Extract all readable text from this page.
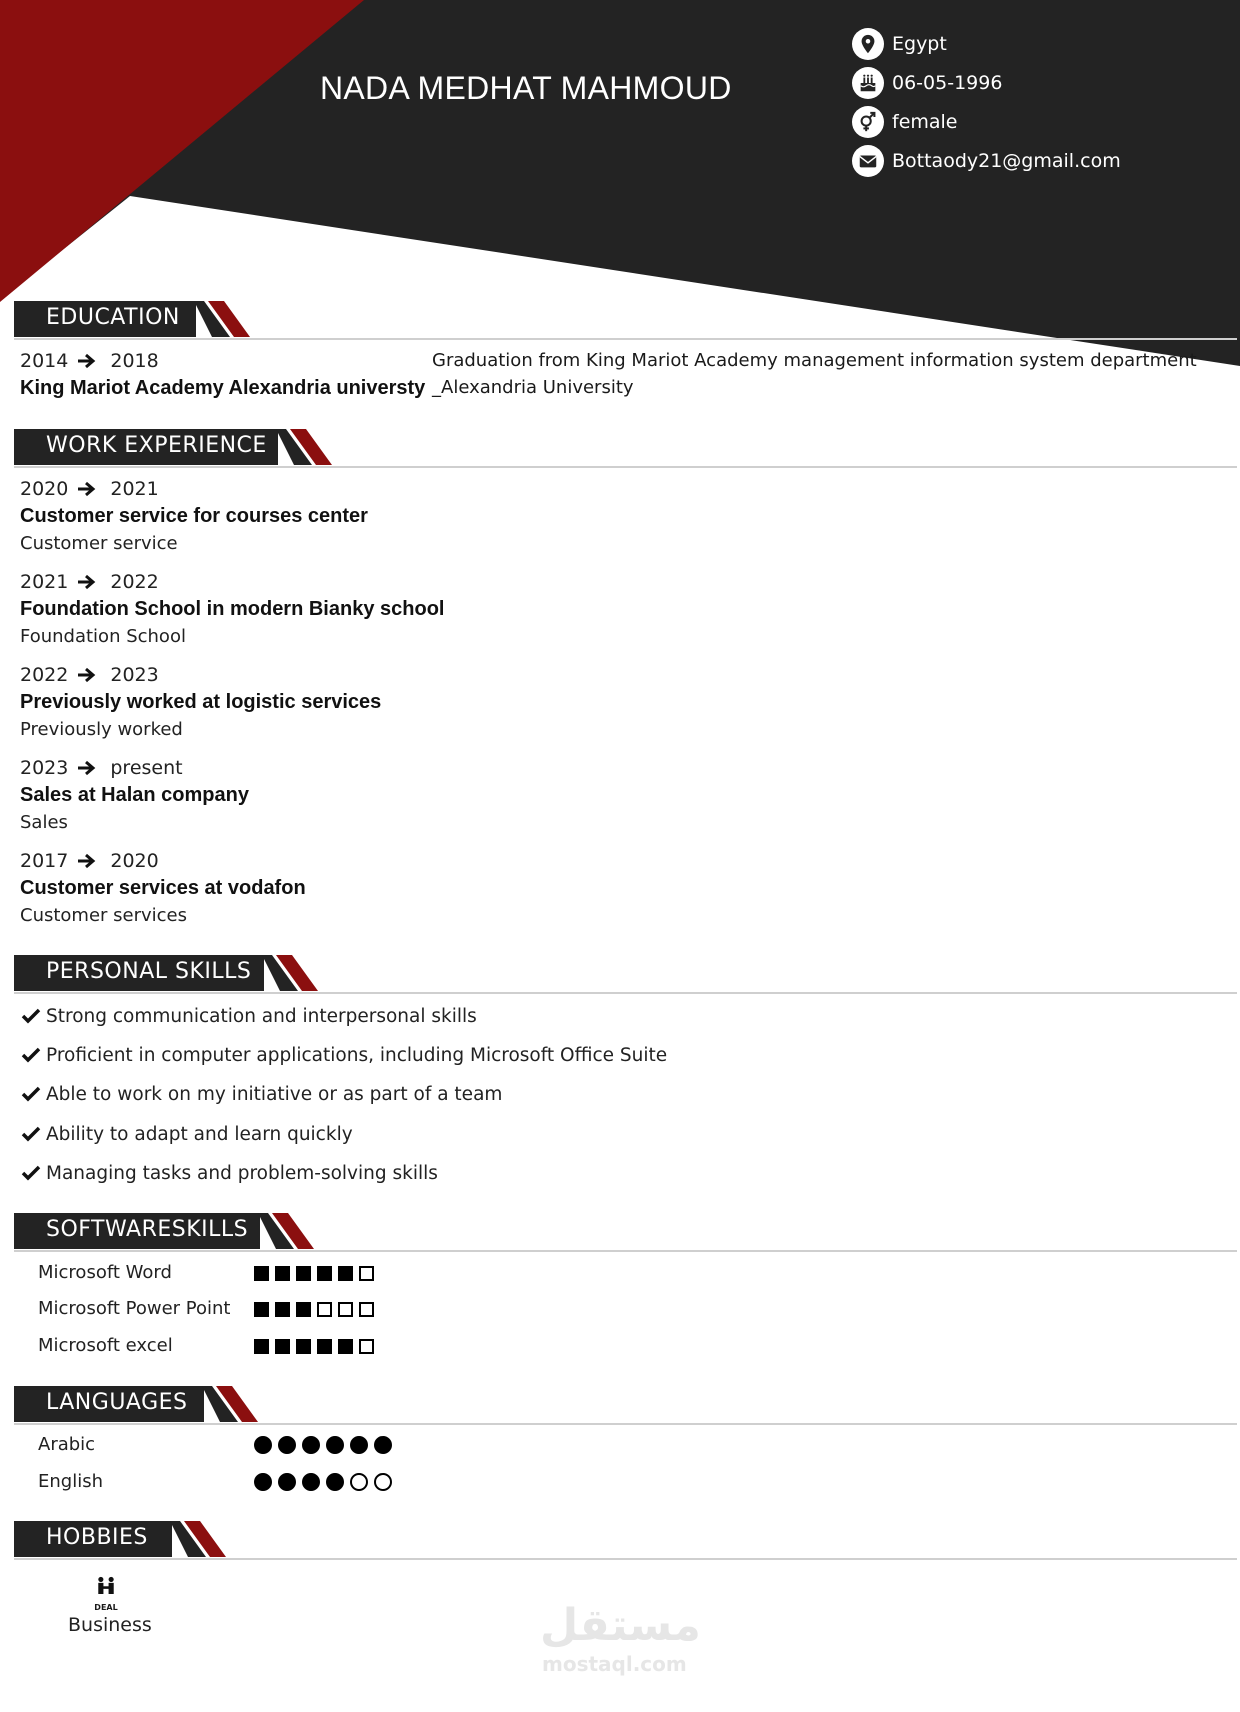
NADA MEDHAT MAHMOUD
Egypt
06-05-1996
female
Bottaody21@gmail.com
EDUCATION
2014 2018
King Mariot Academy Alexandria universty
Graduation from King Mariot Academy management information system department
_Alexandria University
WORK EXPERIENCE
2020 2021
Customer service for courses center
Customer service
2021 2022
Foundation School in modern Bianky school
Foundation School
2022 2023
Previously worked at logistic services
Previously worked
2023 present
Sales at Halan company
Sales
2017 2020
Customer services at vodafon
Customer services
PERSONAL SKILLS
Strong communication and interpersonal skills
Proficient in computer applications, including Microsoft Office Suite
Able to work on my initiative or as part of a team
Ability to adapt and learn quickly
Managing tasks and problem-solving skills
SOFTWARESKILLS
Microsoft Word
Microsoft Power Point
Microsoft excel
LANGUAGES
Arabic
English
HOBBIES
DEAL
Business	مستقل
mostaql.com
